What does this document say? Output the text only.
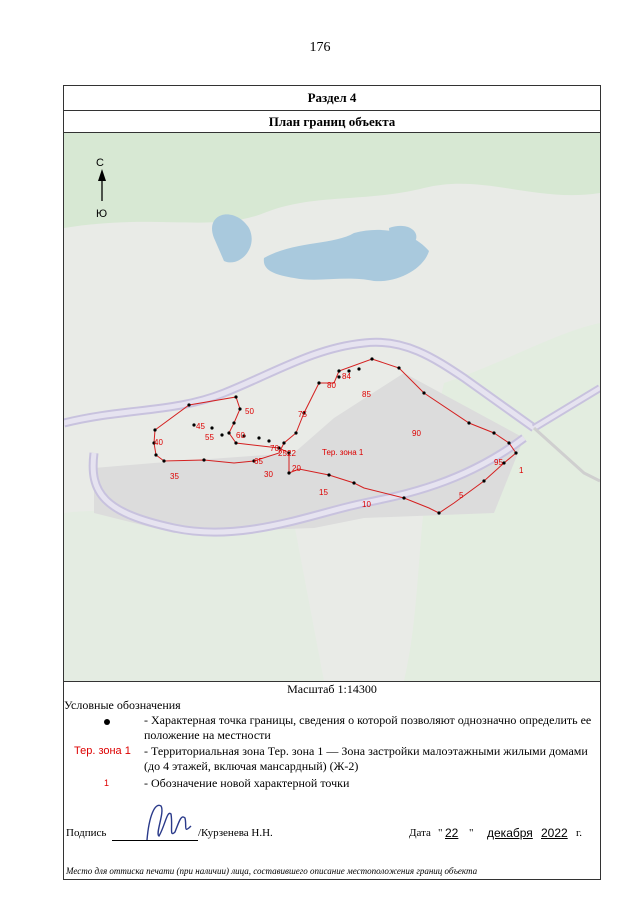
176
Раздел 4
План границ объекта
1
5
10
15
20
22
25
30
35
40
45
50
55	60
65
70
75
80
84
85
90
95
Тер. зона 1
С
Ю
Масштаб 1:14300
Условные обозначения
- Характерная точка границы, сведения о которой позволяют однозначно определить ее положение на местности
Тер. зона 1 - Территориальная зона Тер. зона 1 — Зона застройки малоэтажными жилыми домами (до 4 этажей, включая мансардный) (Ж-2)
1	- Обозначение новой характерной точки
Подпись	/Курзенева Н.Н.	Дата " 22 " декабря 2022 г.
Место для оттиска печати (при наличии) лица, составившего описание местоположения границ объекта
